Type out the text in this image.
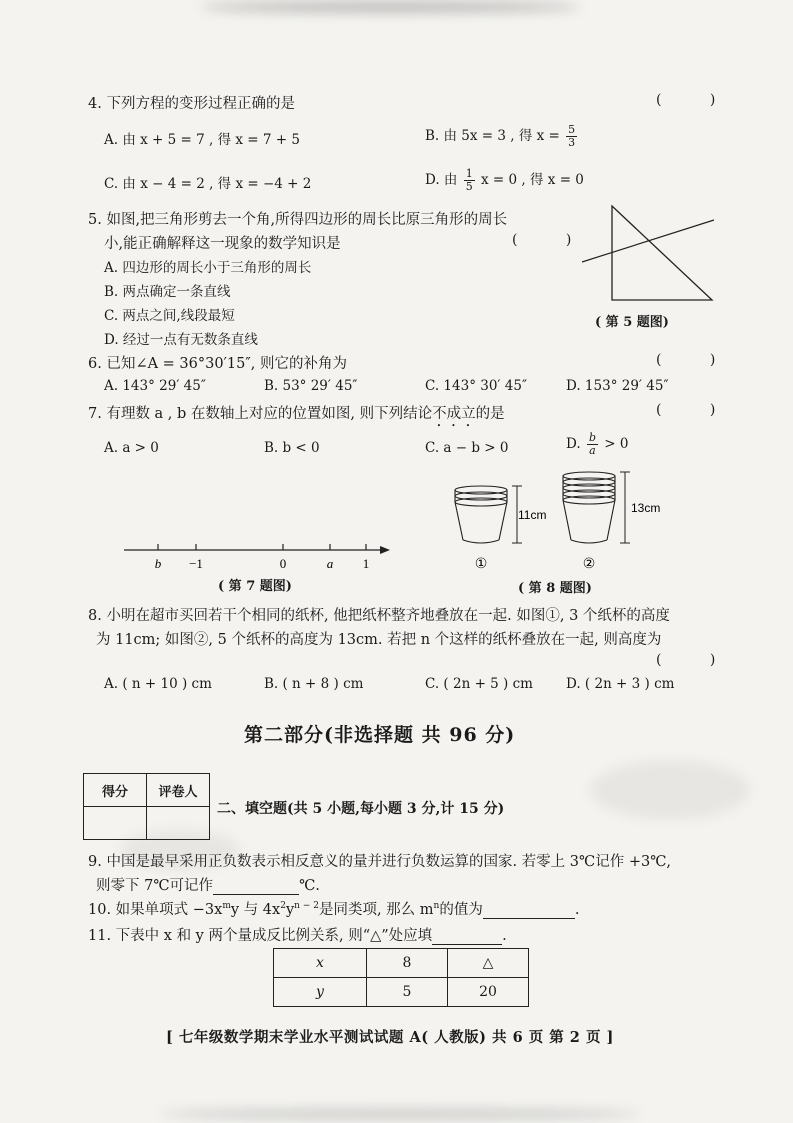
4. 下列方程的变形过程正确的是	( )
A. 由 x + 5 = 7 , 得 x = 7 + 5	B. 由 5x = 3 , 得 $x = \frac{5}{3}$
C. 由 x − 4 = 2 , 得 x = −4 + 2	D. 由 $\frac{1}{5}$ x = 0 , 得 x = 0
5. 如图,把三角形剪去一个角,所得四边形的周长比原三角形的周长
小,能正确解释这一现象的数学知识是	( )
A. 四边形的周长小于三角形的周长
B. 两点确定一条直线
C. 两点之间,线段最短
D. 经过一点有无数条直线
( 第 5 题图)
6. 已知∠A = 36°30′15″, 则它的补角为	( )
A. 143° 29′ 45″	B. 53° 29′ 45″	C. 143° 30′ 45″	D. 153° 29′ 45″
7. 有理数 a , b 在数轴上对应的位置如图, 则下列结论不成立的是	( )
A. a > 0	B. b < 0	C. a − b > 0	D. $\frac{b}{a} > 0$
b −1	0	a 1
( 第 7 题图)
11cm	13cm
①	②
( 第 8 题图)
8. 小明在超市买回若干个相同的纸杯, 他把纸杯整齐地叠放在一起. 如图①, 3 个纸杯的高度
为 11cm; 如图②, 5 个纸杯的高度为 13cm. 若把 n 个这样的纸杯叠放在一起, 则高度为
( )
A. ( n + 10 ) cm	B. ( n + 8 ) cm	C. ( 2n + 5 ) cm D. ( 2n + 3 ) cm
第二部分(非选择题 共 96 分)
得分	评卷人

二、填空题(共 5 小题,每小题 3 分,计 15 分)
9. 中国是最早采用正负数表示相反意义的量并进行负数运算的国家. 若零上 3℃记作 +3℃,
则零下 7℃可记作	℃.
10. 如果单项式 $-3x^my$ 与 $4x^2y^{n - 2}$是同类项, 那么 $m^n$的值为	.
11. 下表中 x 和 y 两个量成反比例关系, 则“△”处应填	.
x	8	△
y	5	20
[ 七年级数学期末学业水平测试试题 A( 人教版) 共 6 页 第 2 页 ]
